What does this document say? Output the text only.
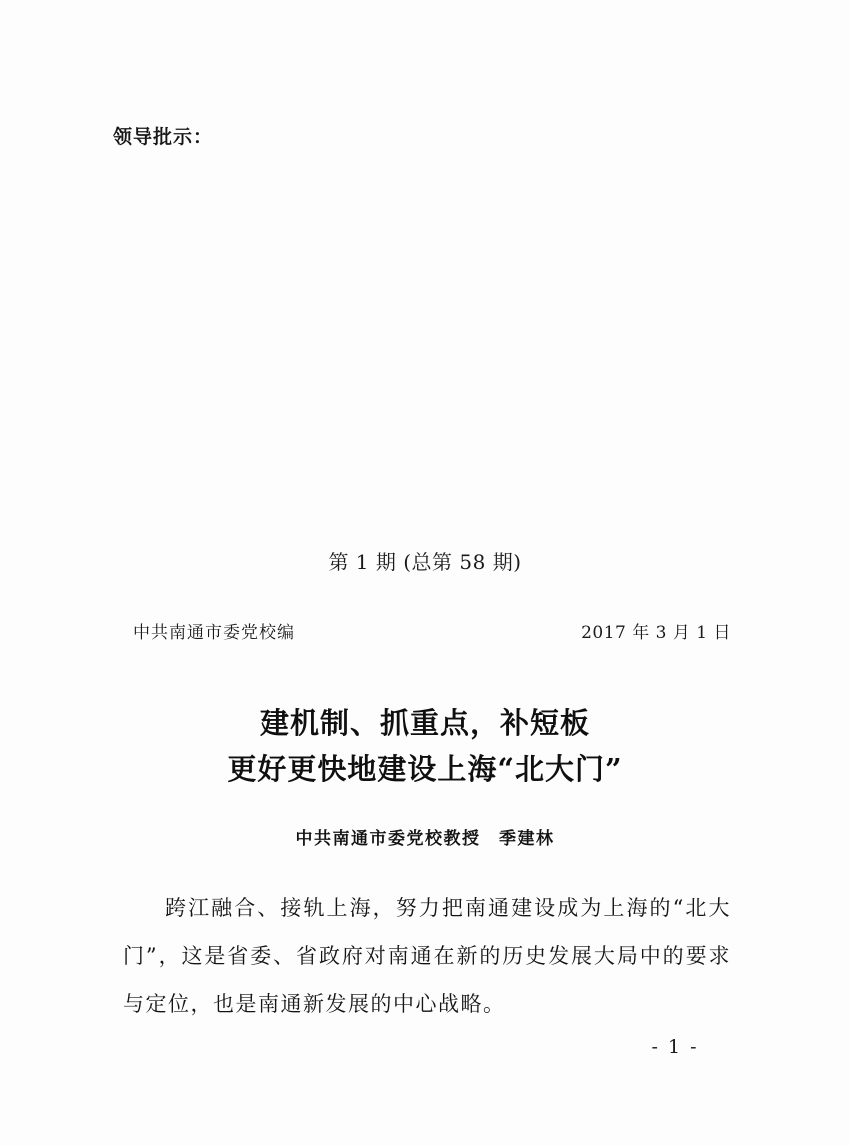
领导批示：
第 1 期 (总第 58 期)
中共南通市委党校编	2017 年 3 月 1 日
建机制、抓重点，补短板
更好更快地建设上海“北大门”
中共南通市委党校教授　季建林

跨江融合、接轨上海，努力把南通建设成为上海的“北大门”，这是省委、省政府对南通在新的历史发展大局中的要求与定位，也是南通新发展的中心战略。

- 1 -
